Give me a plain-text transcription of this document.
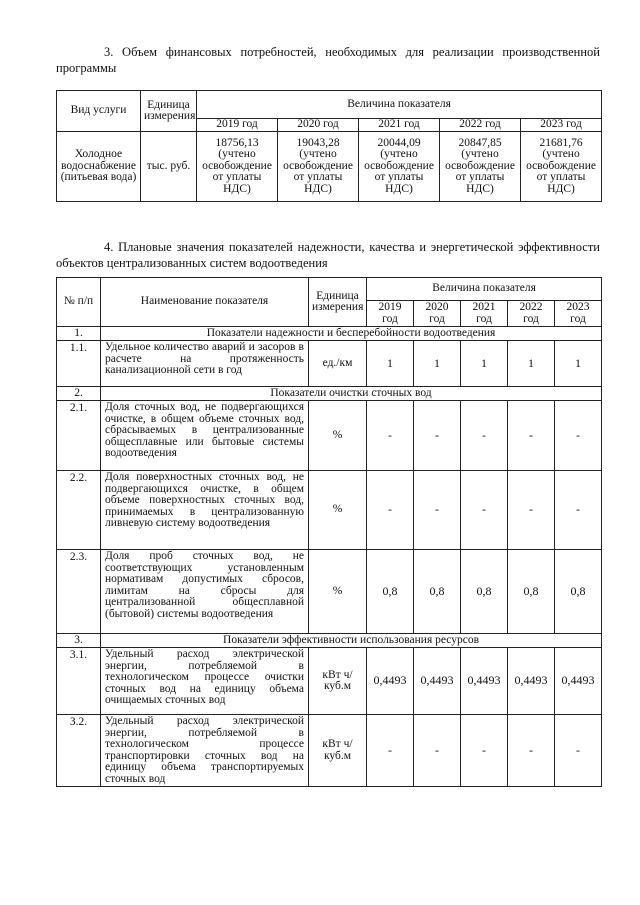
3. Объем финансовых потребностей, необходимых для реализации производственной
программы
Вид услуги	Единица измерения	Величина показателя				
		2019 год	2020 год	2021 год	2022 год	2023 год
Холодное водоснабжение (питьевая вода)	тыс. руб.	18756,13 (учтено освобождение от уплаты НДС)	19043,28 (учтено освобождение от уплаты НДС)	20044,09 (учтено освобождение от уплаты НДС)	20847,85 (учтено освобождение от уплаты НДС)	21681,76 (учтено освобождение от уплаты НДС)
4. Плановые значения показателей надежности, качества и энергетической эффективности объектов централизованных систем водоотведения
№ п/п	Наименование показателя	Единица измерения	Величина показателя				
			2019 год	2020 год	2021 год	2022 год	2023 год
1.	Показатели надежности и бесперебойности водоотведения						
1.1.	Удельное количество аварий и засоров в расчете на протяженность канализационной сети в год	ед./км	1	1	1	1	1
2.	Показатели очистки сточных вод						
2.1.	Доля сточных вод, не подвергающихся очистке, в общем объеме сточных вод, сбрасываемых в централизованные общесплавные или бытовые системы водоотведения	%	-	-	-	-	-
2.2.	Доля поверхностных сточных вод, не подвергающихся очистке, в общем объеме поверхностных сточных вод, принимаемых в централизованную ливневую систему водоотведения	%	-	-	-	-	-
2.3.	Доля проб сточных вод, не соответствующих установленным нормативам допустимых сбросов, лимитам на сбросы для централизованной общесплавной (бытовой) системы водоотведения	%	0,8	0,8	0,8	0,8	0,8
3.	Показатели эффективности использования ресурсов						
3.1.	Удельный расход электрической энергии, потребляемой в технологическом процессе очистки сточных вод на единицу объема очищаемых сточных вод	кВт ч/куб.м	0,4493	0,4493	0,4493	0,4493	0,4493
3.2.	Удельный расход электрической энергии, потребляемой в технологическом процессе транспортировки сточных вод на единицу объема транспортируемых сточных вод	кВт ч/куб.м	-	-	-	-	-
